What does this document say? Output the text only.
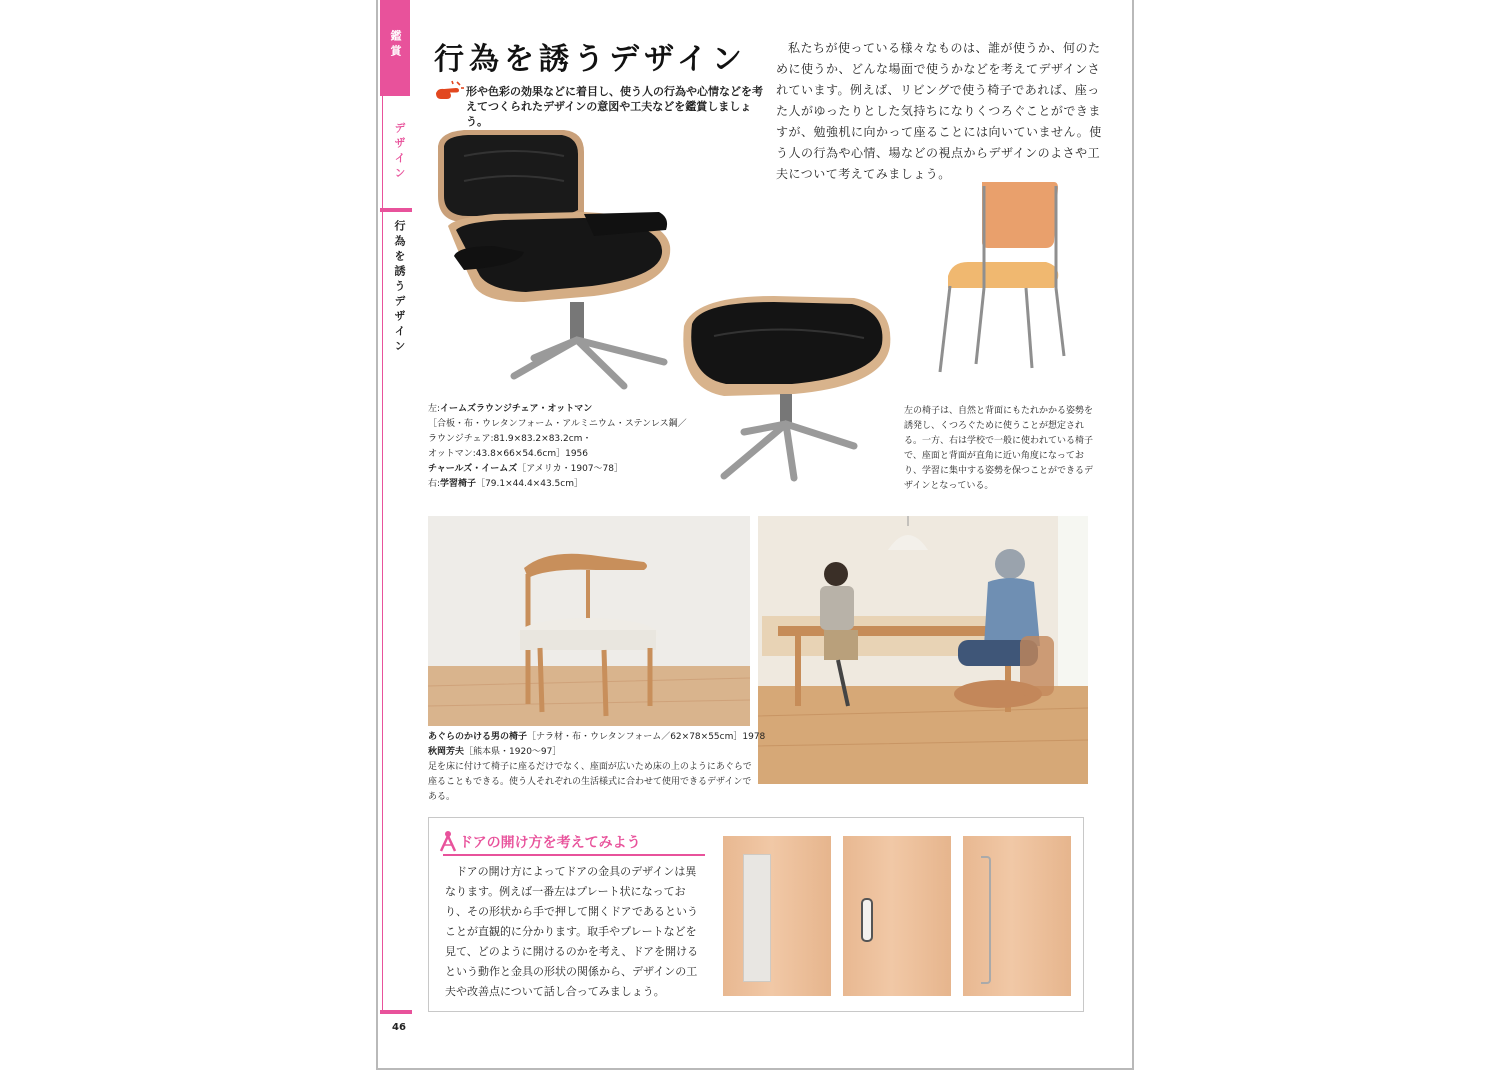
鑑賞
デザイン
行為を誘うデザイン
46
行為を誘うデザイン
形や色彩の効果などに着目し、使う人の行為や心情などを考えてつくられたデザインの意図や工夫などを鑑賞しましょう。
私たちが使っている様々なものは、誰が使うか、何のために使うか、どんな場面で使うかなどを考えてデザインされています。例えば、リビングで使う椅子であれば、座った人がゆったりとした気持ちになりくつろぐことができますが、勉強机に向かって座ることには向いていません。使う人の行為や心情、場などの視点からデザインのよさや工夫について考えてみましょう。
左:イームズラウンジチェア・オットマン
［合板・布・ウレタンフォーム・アルミニウム・ステンレス鋼／
ラウンジチェア:81.9×83.2×83.2cm・
オットマン:43.8×66×54.6cm］1956
チャールズ・イームズ［アメリカ・1907〜78］
右:学習椅子［79.1×44.4×43.5cm］
左の椅子は、自然と背面にもたれかかる姿勢を誘発し、くつろぐために使うことが想定される。一方、右は学校で一般に使われている椅子で、座面と背面が直角に近い角度になっており、学習に集中する姿勢を保つことができるデザインとなっている。
あぐらのかける男の椅子［ナラ材・布・ウレタンフォーム／62×78×55cm］1978
秋岡芳夫［熊本県・1920〜97］
足を床に付けて椅子に座るだけでなく、座面が広いため床の上のようにあぐらで座ることもできる。使う人それぞれの生活様式に合わせて使用できるデザインである。
ドアの開け方を考えてみよう
ドアの開け方によってドアの金具のデザインは異なります。例えば一番左はプレート状になっており、その形状から手で押して開くドアであるということが直観的に分かります。取手やプレートなどを見て、どのように開けるのかを考え、ドアを開けるという動作と金具の形状の関係から、デザインの工夫や改善点について話し合ってみましょう。
